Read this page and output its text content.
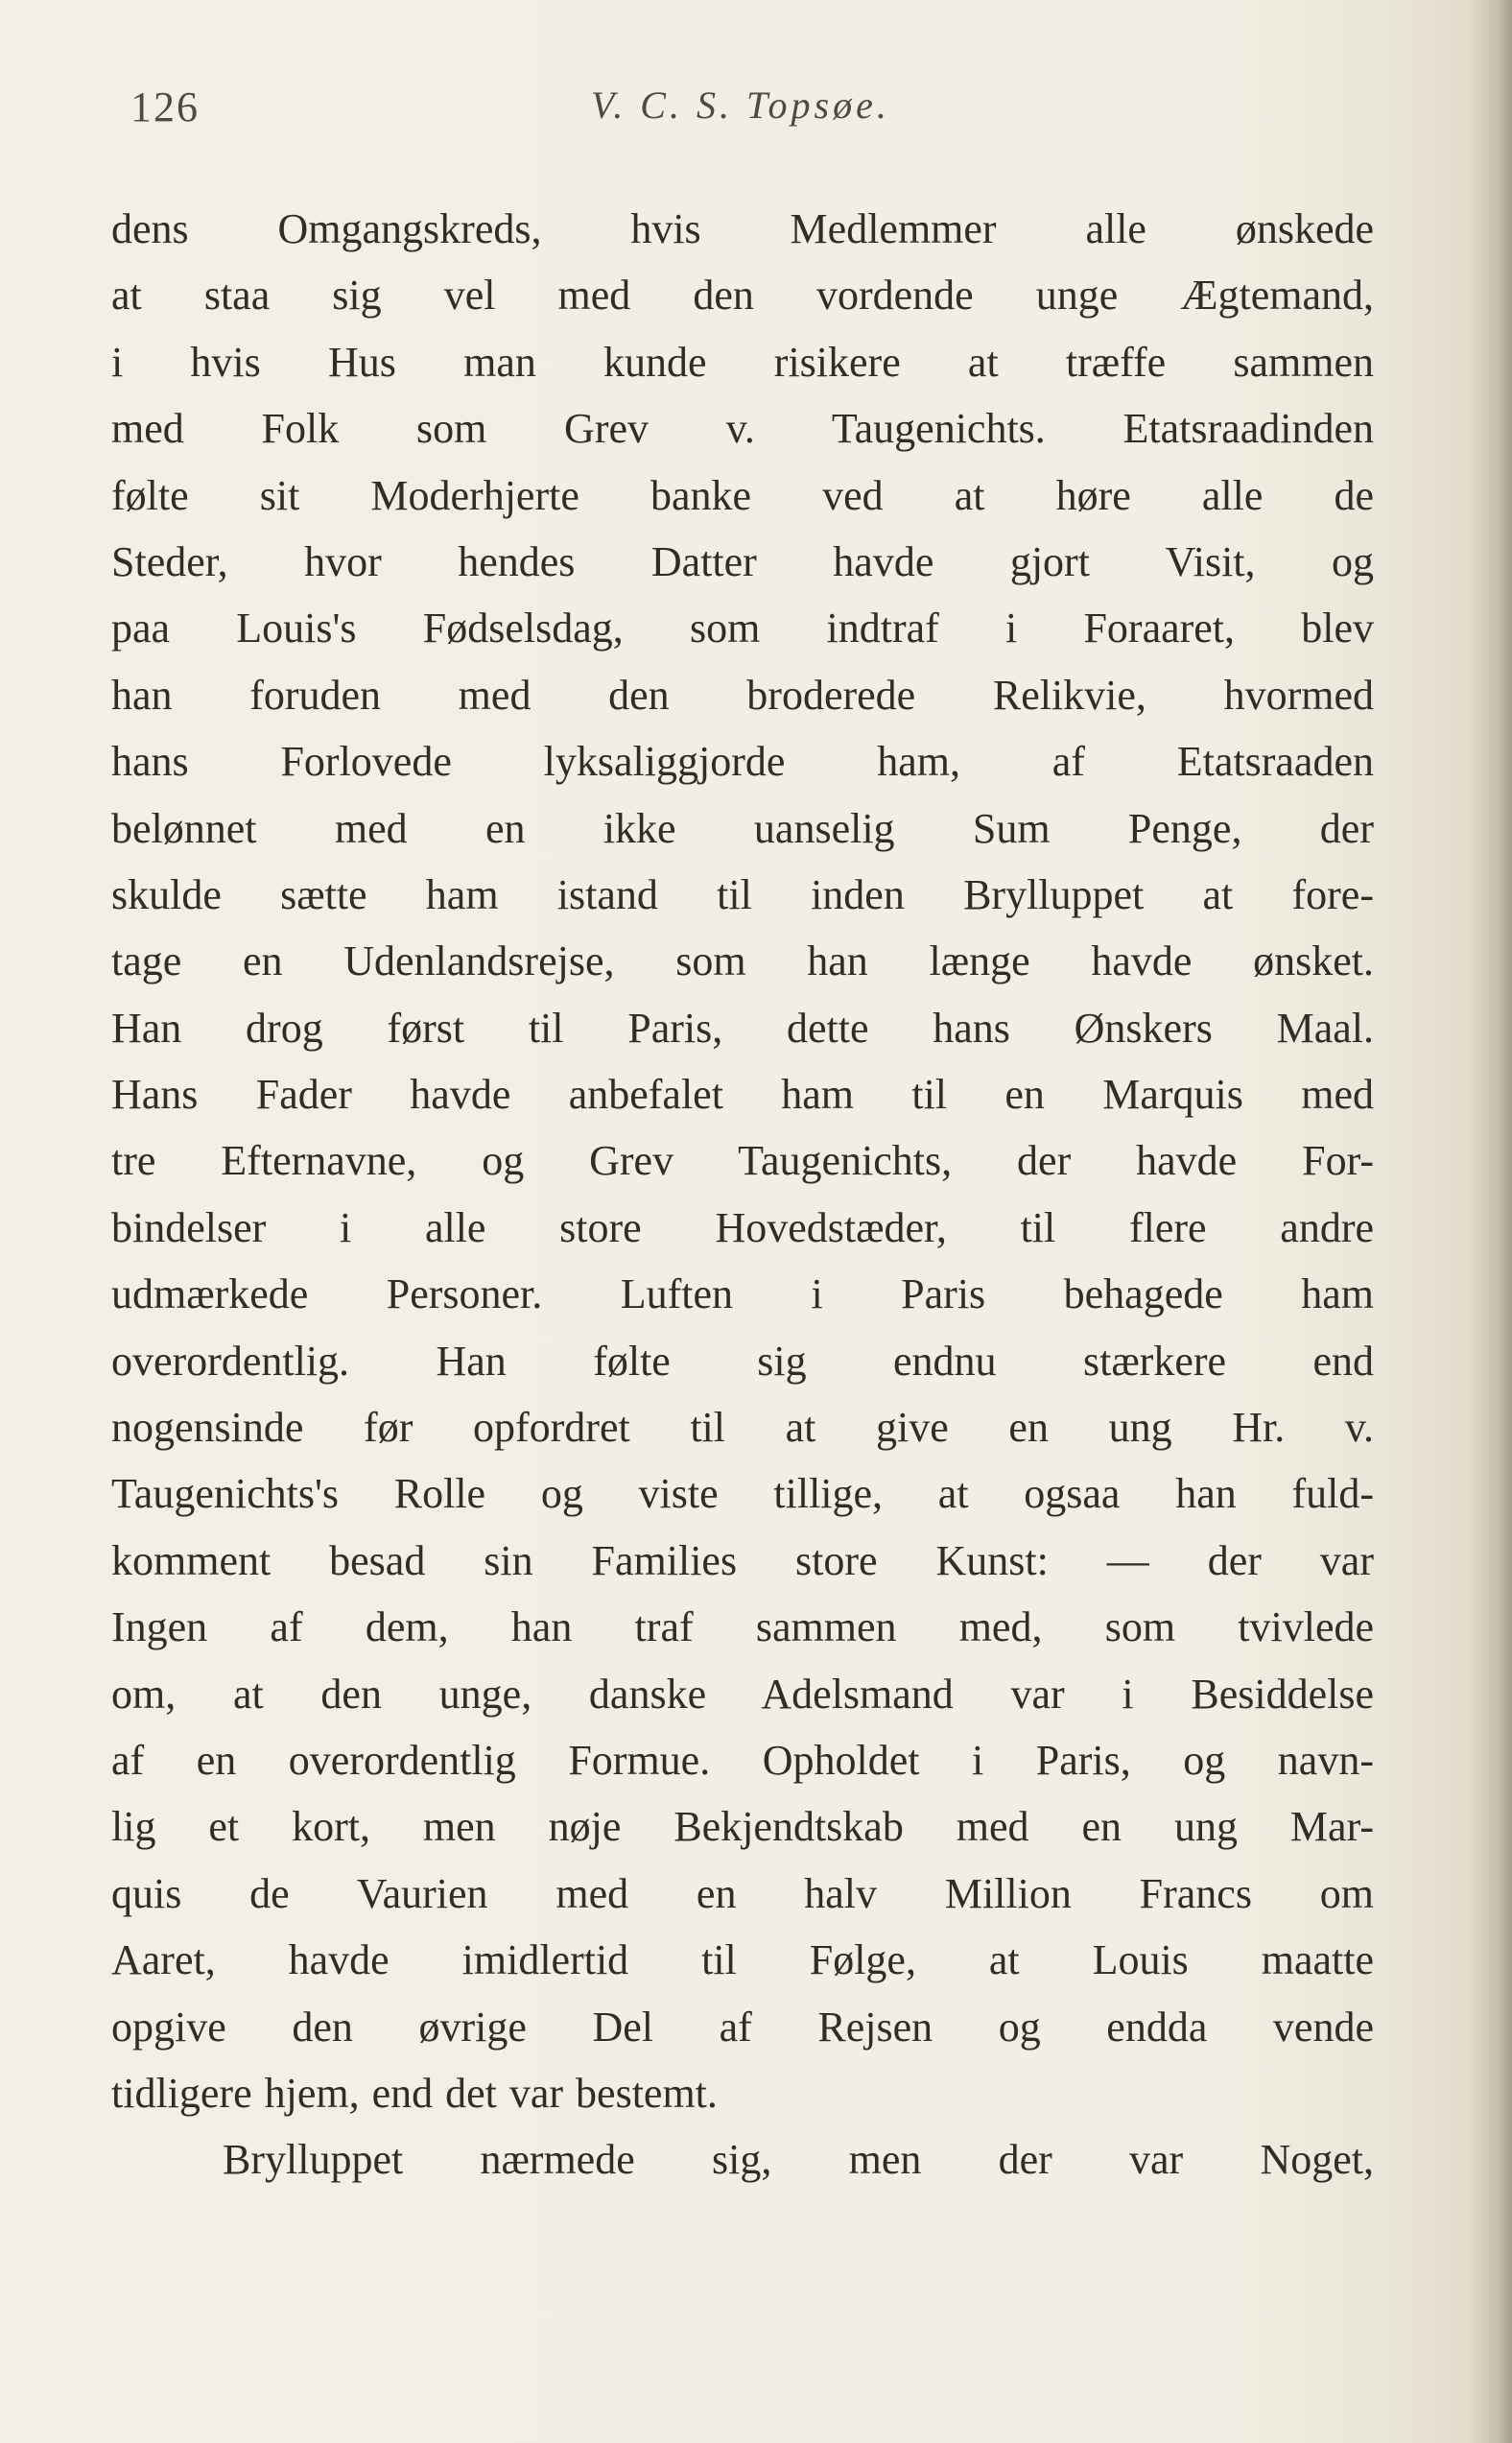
126	V. C. S. Topsøe.
dens Omgangskreds, hvis Medlemmer alle ønskede
at staa sig vel med den vordende unge Ægtemand,
i hvis Hus man kunde risikere at træffe sammen
med Folk som Grev v. Taugenichts. Etatsraadinden
følte sit Moderhjerte banke ved at høre alle de
Steder, hvor hendes Datter havde gjort Visit, og
paa Louis's Fødselsdag, som indtraf i Foraaret, blev
han foruden med den broderede Relikvie, hvormed
hans Forlovede lyksaliggjorde ham, af Etatsraaden
belønnet med en ikke uanselig Sum Penge, der
skulde sætte ham istand til inden Brylluppet at fore-
tage en Udenlandsrejse, som han længe havde ønsket.
Han drog først til Paris, dette hans Ønskers Maal.
Hans Fader havde anbefalet ham til en Marquis med
tre Efternavne, og Grev Taugenichts, der havde For-
bindelser i alle store Hovedstæder, til flere andre
udmærkede Personer. Luften i Paris behagede ham
overordentlig. Han følte sig endnu stærkere end
nogensinde før opfordret til at give en ung Hr. v.
Taugenichts's Rolle og viste tillige, at ogsaa han fuld-
komment besad sin Families store Kunst: — der var
Ingen af dem, han traf sammen med, som tvivlede
om, at den unge, danske Adelsmand var i Besiddelse
af en overordentlig Formue. Opholdet i Paris, og navn-
lig et kort, men nøje Bekjendtskab med en ung Mar-
quis de Vaurien med en halv Million Francs om
Aaret, havde imidlertid til Følge, at Louis maatte
opgive den øvrige Del af Rejsen og endda vende
tidligere hjem, end det var bestemt.
Brylluppet nærmede sig, men der var Noget,
